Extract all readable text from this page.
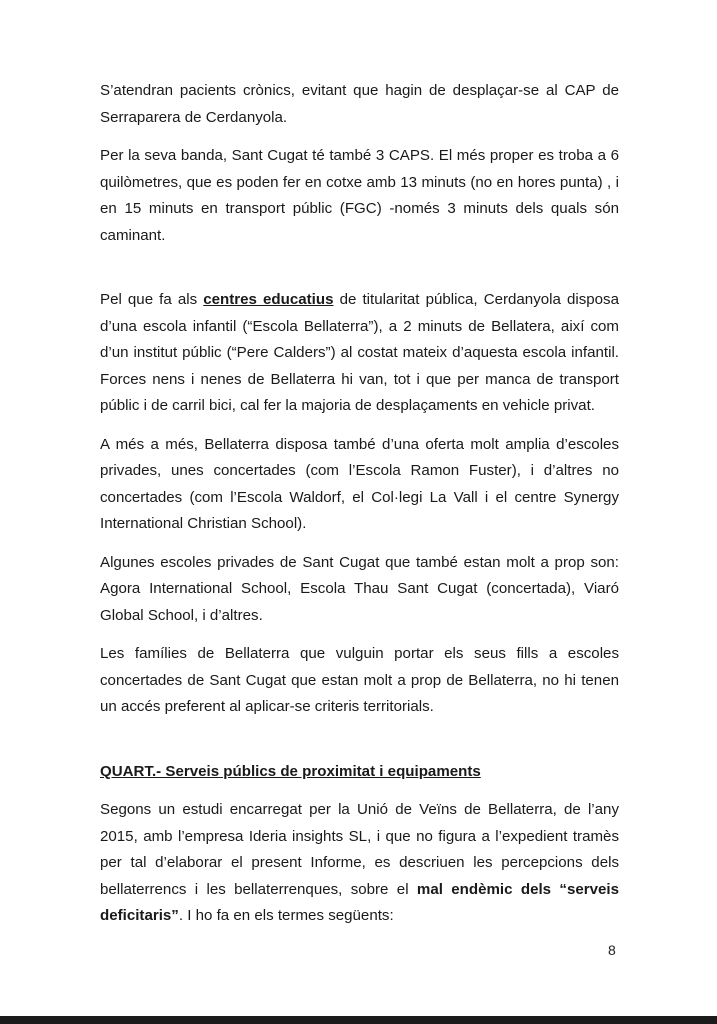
S’atendran pacients crònics, evitant que hagin de desplaçar-se al CAP de Serraparera de Cerdanyola.

Per la seva banda, Sant Cugat té també 3 CAPS. El més proper es troba a 6 quilòmetres, que es poden fer en cotxe amb 13 minuts (no en hores punta) , i en 15 minuts en transport públic (FGC) -només 3 minuts dels quals són caminant.

Pel que fa als centres educatius de titularitat pública, Cerdanyola disposa d’una escola infantil (“Escola Bellaterra”), a 2 minuts de Bellatera, així com d’un institut públic (“Pere Calders”) al costat mateix d’aquesta escola infantil. Forces nens i nenes de Bellaterra hi van, tot i que per manca de transport públic i de carril bici, cal fer la majoria de desplaçaments en vehicle privat.

A més a més, Bellaterra disposa també d’una oferta molt amplia d’escoles privades, unes concertades (com l’Escola Ramon Fuster), i d’altres no concertades (com l’Escola Waldorf, el Col·legi La Vall i el centre Synergy International Christian School).

Algunes escoles privades de Sant Cugat que també estan molt a prop son: Agora International School, Escola Thau Sant Cugat (concertada), Viaró Global School, i d’altres.

Les famílies de Bellaterra que vulguin portar els seus fills a escoles concertades de Sant Cugat que estan molt a prop de Bellaterra, no hi tenen un accés preferent al aplicar-se criteris territorials.

QUART.- Serveis públics de proximitat i equipaments

Segons un estudi encarregat per la Unió de Veïns de Bellaterra, de l’any 2015, amb l’empresa Ideria insights SL, i que no figura a l’expedient tramès per tal d’elaborar el present Informe, es descriuen les percepcions dels bellaterrencs i les bellaterrenques, sobre el mal endèmic dels “serveis deficitaris”. I ho fa en els termes següents:

8
